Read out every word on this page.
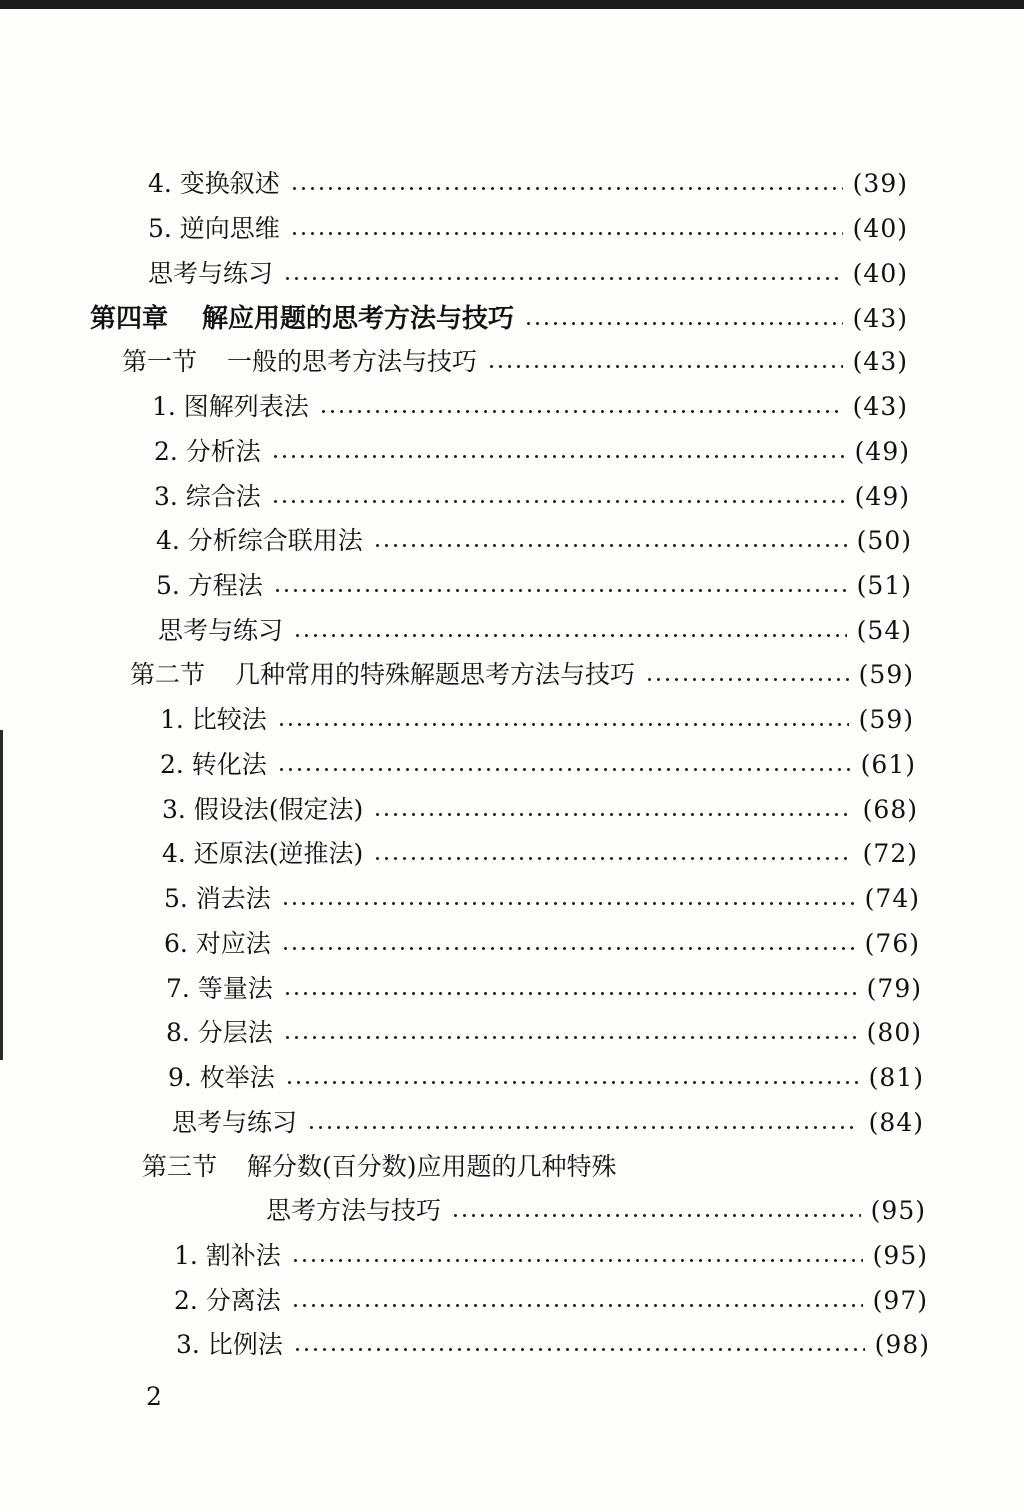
4. 变换叙述	(39)
5. 逆向思维	(40)
思考与练习	(40)
第四章 解应用题的思考方法与技巧	(43)
第一节 一般的思考方法与技巧	(43)
1. 图解列表法	(43)
2. 分析法	(49)
3. 综合法	(49)
4. 分析综合联用法	(50)
5. 方程法	(51)
思考与练习	(54)
第二节 几种常用的特殊解题思考方法与技巧	(59)
1. 比较法	(59)
2. 转化法	(61)
3. 假设法(假定法)	(68)
4. 还原法(逆推法)	(72)
5. 消去法	(74)
6. 对应法	(76)
7. 等量法	(79)
8. 分层法	(80)
9. 枚举法	(81)
思考与练习	(84)
第三节 解分数(百分数)应用题的几种特殊
思考方法与技巧	(95)
1. 割补法	(95)
2. 分离法	(97)
3. 比例法	(98)
2
